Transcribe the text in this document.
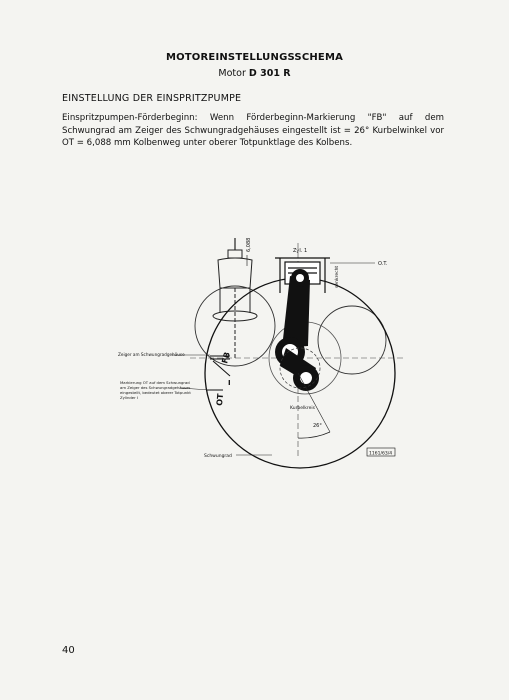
MOTOREINSTELLUNGSSCHEMA
Motor D 301 R
EINSTELLUNG DER EINSPRITZPUMPE
Einspritzpumpen-Förderbeginn: Wenn Förderbeginn-Markierung "FB" auf dem Schwungrad am Zeiger des Schwungradgehäuses eingestellt ist = 26° Kurbelwinkel vor OT = 6,088 mm Kolbenweg unter oberer Totpunktlage des Kolbens.
FB
OT
I
6,088	Zyl. 1
O.T.
senkrecht
Zeiger am Schwungradgehäuse
Markierung OT auf dem Schwungrad
am Zeiger des Schwungradgehäuses
eingestellt, bedeutet oberer Totpunkt
Zylinder I
Kurbelkreis
26°
Schwungrad	1161/63/4
40
